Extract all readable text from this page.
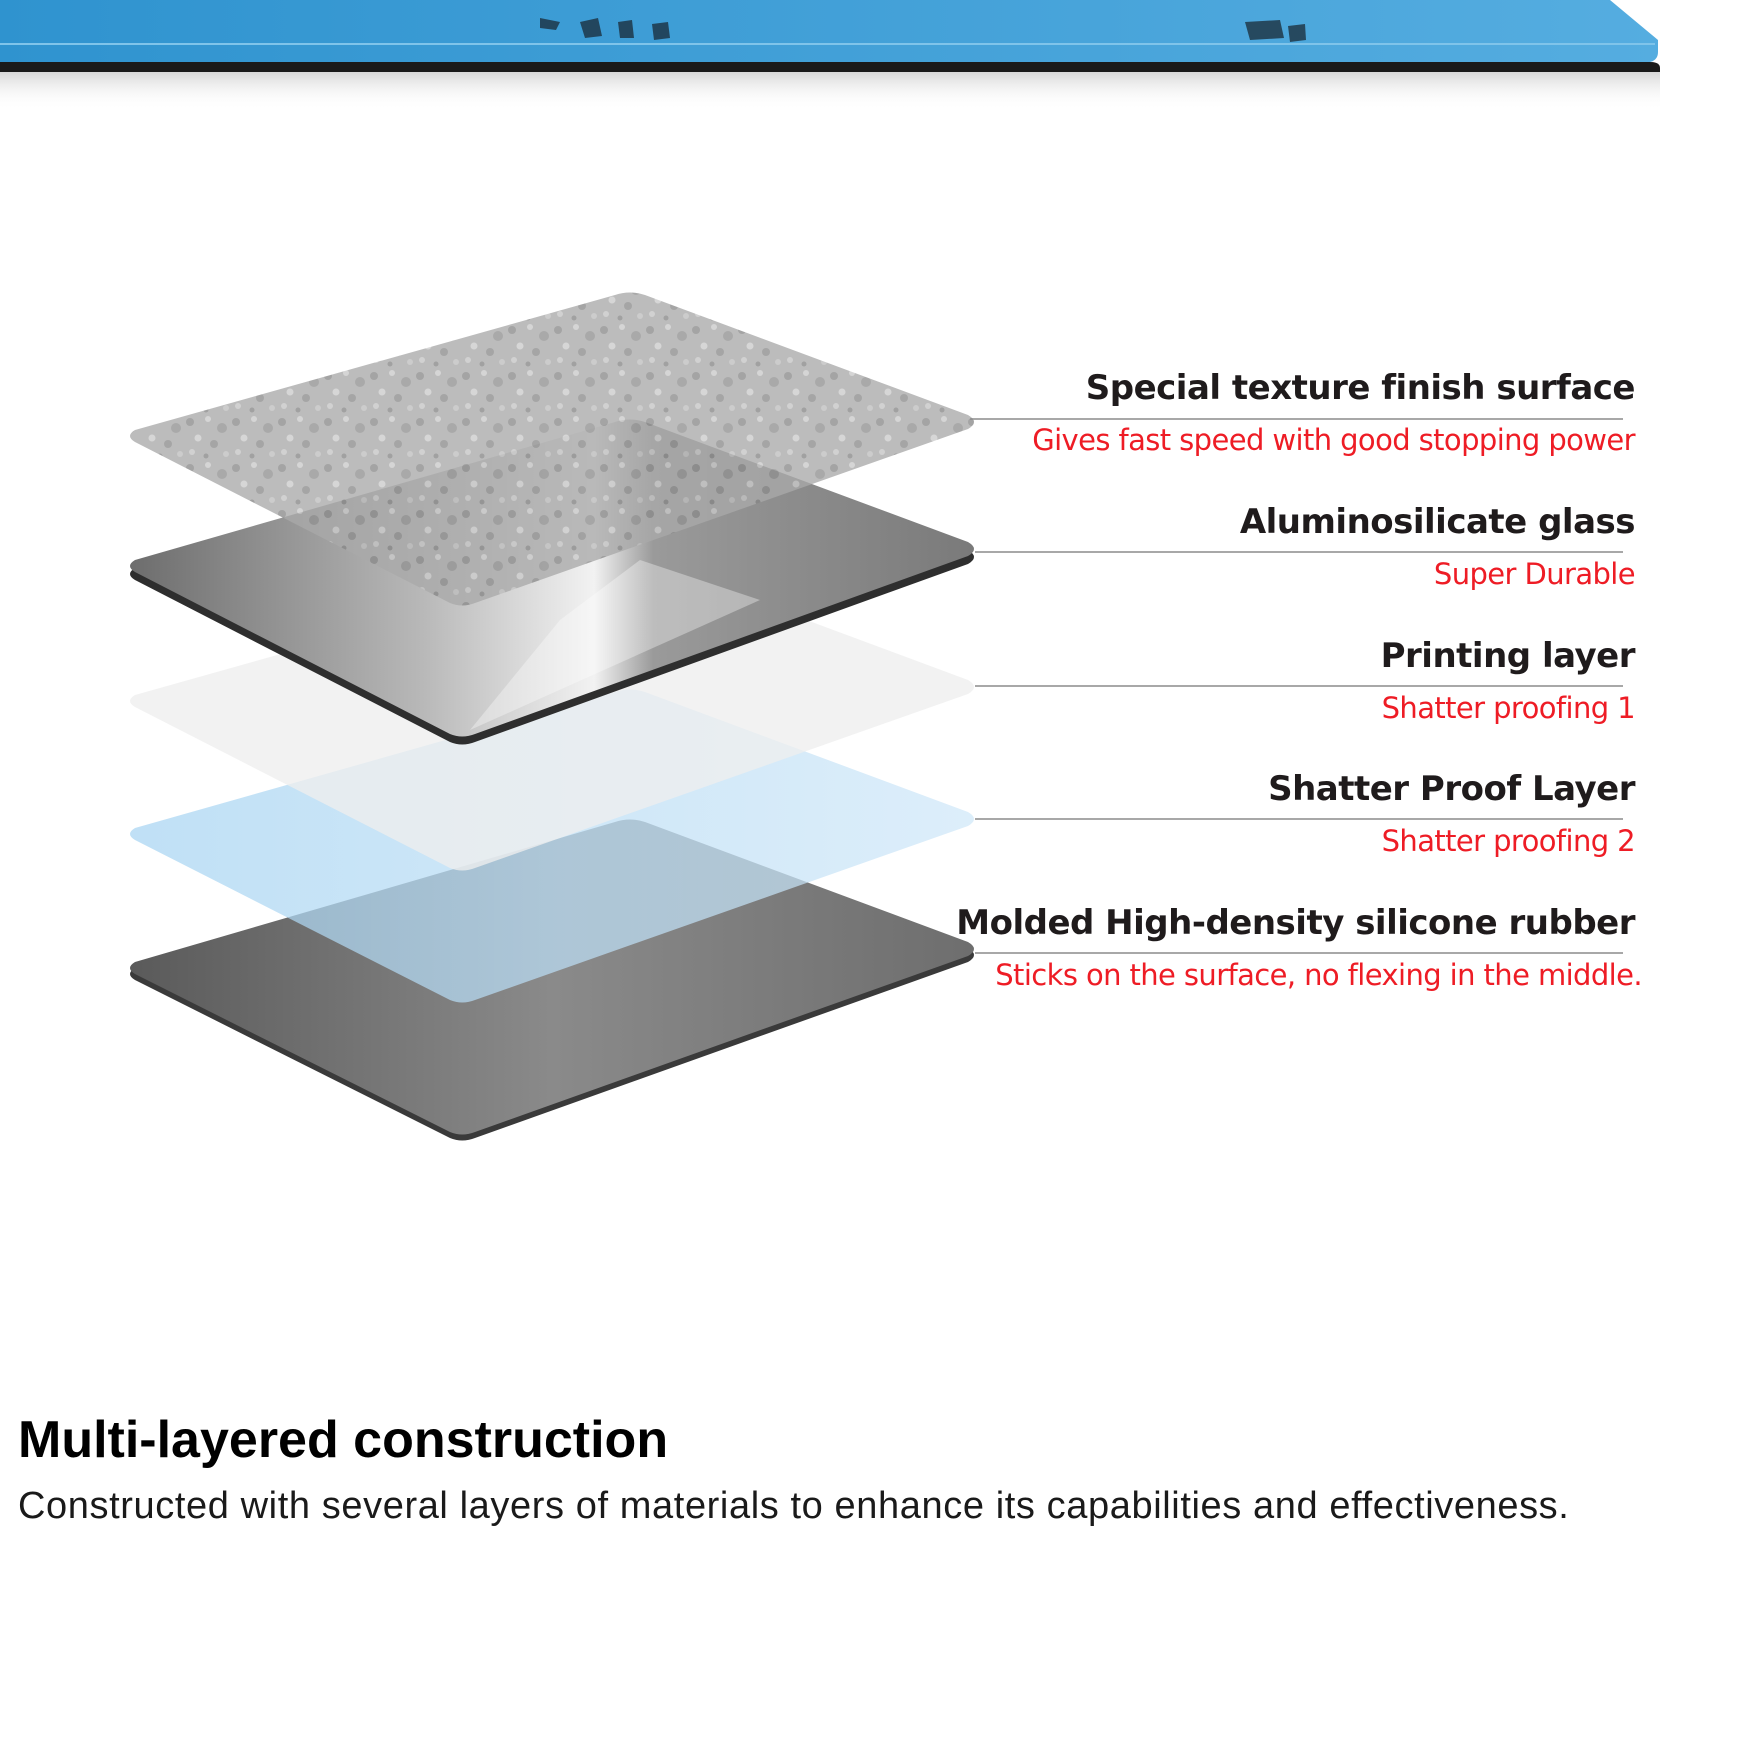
Special texture finish surface
Gives fast speed with good stopping power
Aluminosilicate glass
Super Durable
Printing layer
Shatter proofing 1
Shatter Proof Layer
Shatter proofing 2
Molded High-density silicone rubber
Sticks on the surface, no flexing in the middle.
Multi-layered construction
Constructed with several layers of materials to enhance its capabilities and effectiveness.
